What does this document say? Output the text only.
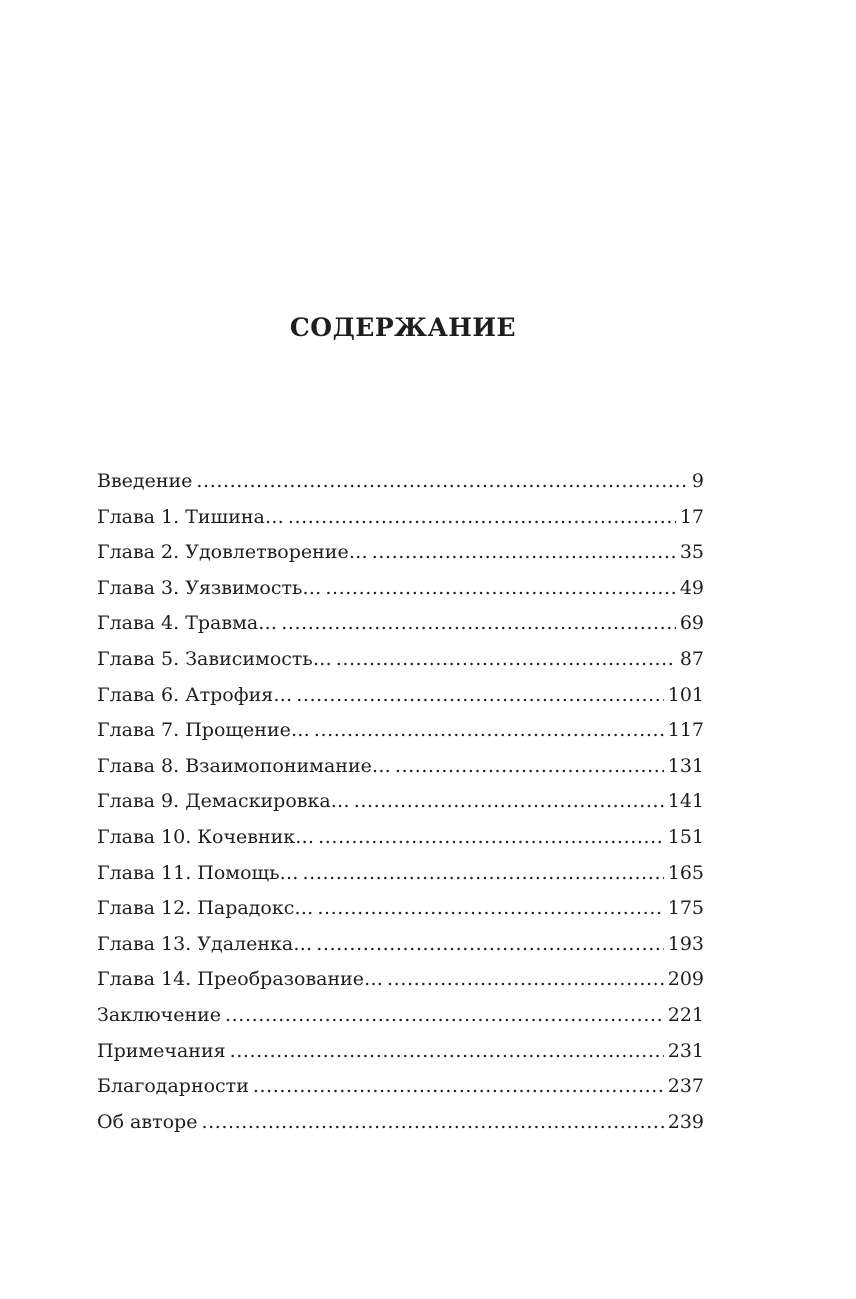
СОДЕРЖАНИЕ
Введение .....	9
Глава 1. Тишина… .....	17
Глава 2. Удовлетворение… .....	35
Глава 3. Уязвимость… .....	49
Глава 4. Травма… .....	69
Глава 5. Зависимость… .....	87
Глава 6. Атрофия… .....	101
Глава 7. Прощение… .....	117
Глава 8. Взаимопонимание… .....	131
Глава 9. Демаскировка… .....	141
Глава 10. Кочевник… .....	151
Глава 11. Помощь… .....	165
Глава 12. Парадокс… .....	175
Глава 13. Удаленка… .....	193
Глава 14. Преобразование… .....	209
Заключение .....	221
Примечания .....	231
Благодарности .....	237
Об авторе .....	239
